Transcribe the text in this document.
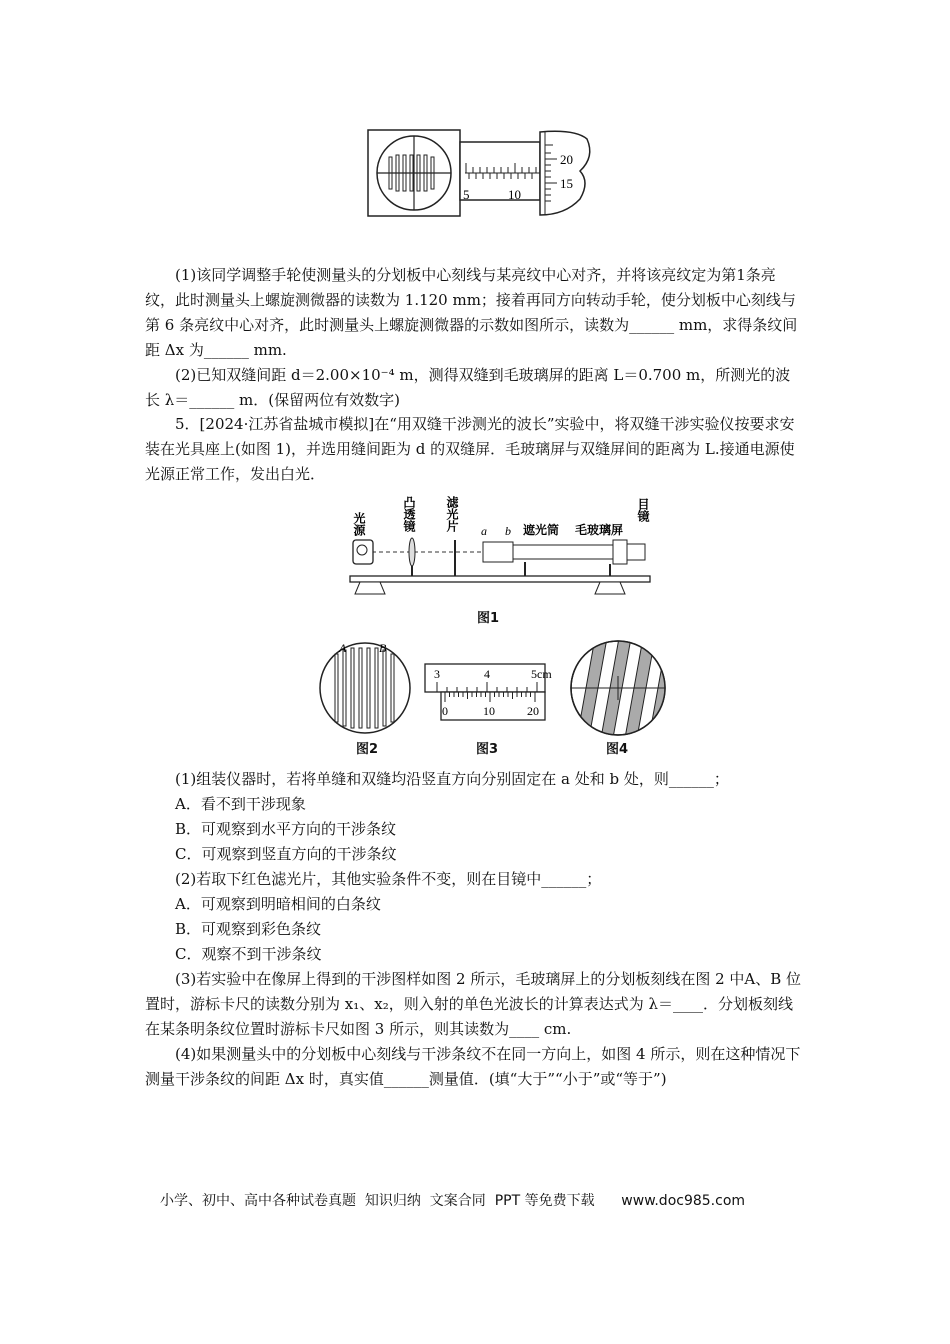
5	10
20
15

(1)该同学调整手轮使测量头的分划板中心刻线与某亮纹中心对齐，并将该亮纹定为第1条亮纹，此时测量头上螺旋测微器的读数为 1.120 mm；接着再同方向转动手轮，使分划板中心刻线与第 6 条亮纹中心对齐，此时测量头上螺旋测微器的示数如图所示，读数为______ mm，求得条纹间距 Δx 为______ mm.

(2)已知双缝间距 d＝2.00×10⁻⁴ m，测得双缝到毛玻璃屏的距离 L＝0.700 m，所测光的波长 λ＝______ m．(保留两位有效数字)

5．[2024·江苏省盐城市模拟]在“用双缝干涉测光的波长”实验中，将双缝干涉实验仪按要求安装在光具座上(如图 1)，并选用缝间距为 d 的双缝屏．毛玻璃屏与双缝屏间的距离为 L.接通电源使光源正常工作，发出白光．

光源	凸透镜 滤光片 a b 遮光筒 毛玻璃屏
目镜
图1
A	B
图2
3	4	5cm
0	10	20
图3	图4

(1)组装仪器时，若将单缝和双缝均沿竖直方向分别固定在 a 处和 b 处，则______；

A．看不到干涉现象

B．可观察到水平方向的干涉条纹

C．可观察到竖直方向的干涉条纹

(2)若取下红色滤光片，其他实验条件不变，则在目镜中______；

A．可观察到明暗相间的白条纹

B．可观察到彩色条纹

C．观察不到干涉条纹

(3)若实验中在像屏上得到的干涉图样如图 2 所示，毛玻璃屏上的分划板刻线在图 2 中A、B 位置时，游标卡尺的读数分别为 x₁、x₂，则入射的单色光波长的计算表达式为 λ＝____．分划板刻线在某条明条纹位置时游标卡尺如图 3 所示，则其读数为____ cm.

(4)如果测量头中的分划板中心刻线与干涉条纹不在同一方向上，如图 4 所示，则在这种情况下测量干涉条纹的间距 Δx 时，真实值______测量值．(填“大于”“小于”或“等于”)

小学、初中、高中各种试卷真题  知识归纳  文案合同  PPT 等免费下载      www.doc985.com
